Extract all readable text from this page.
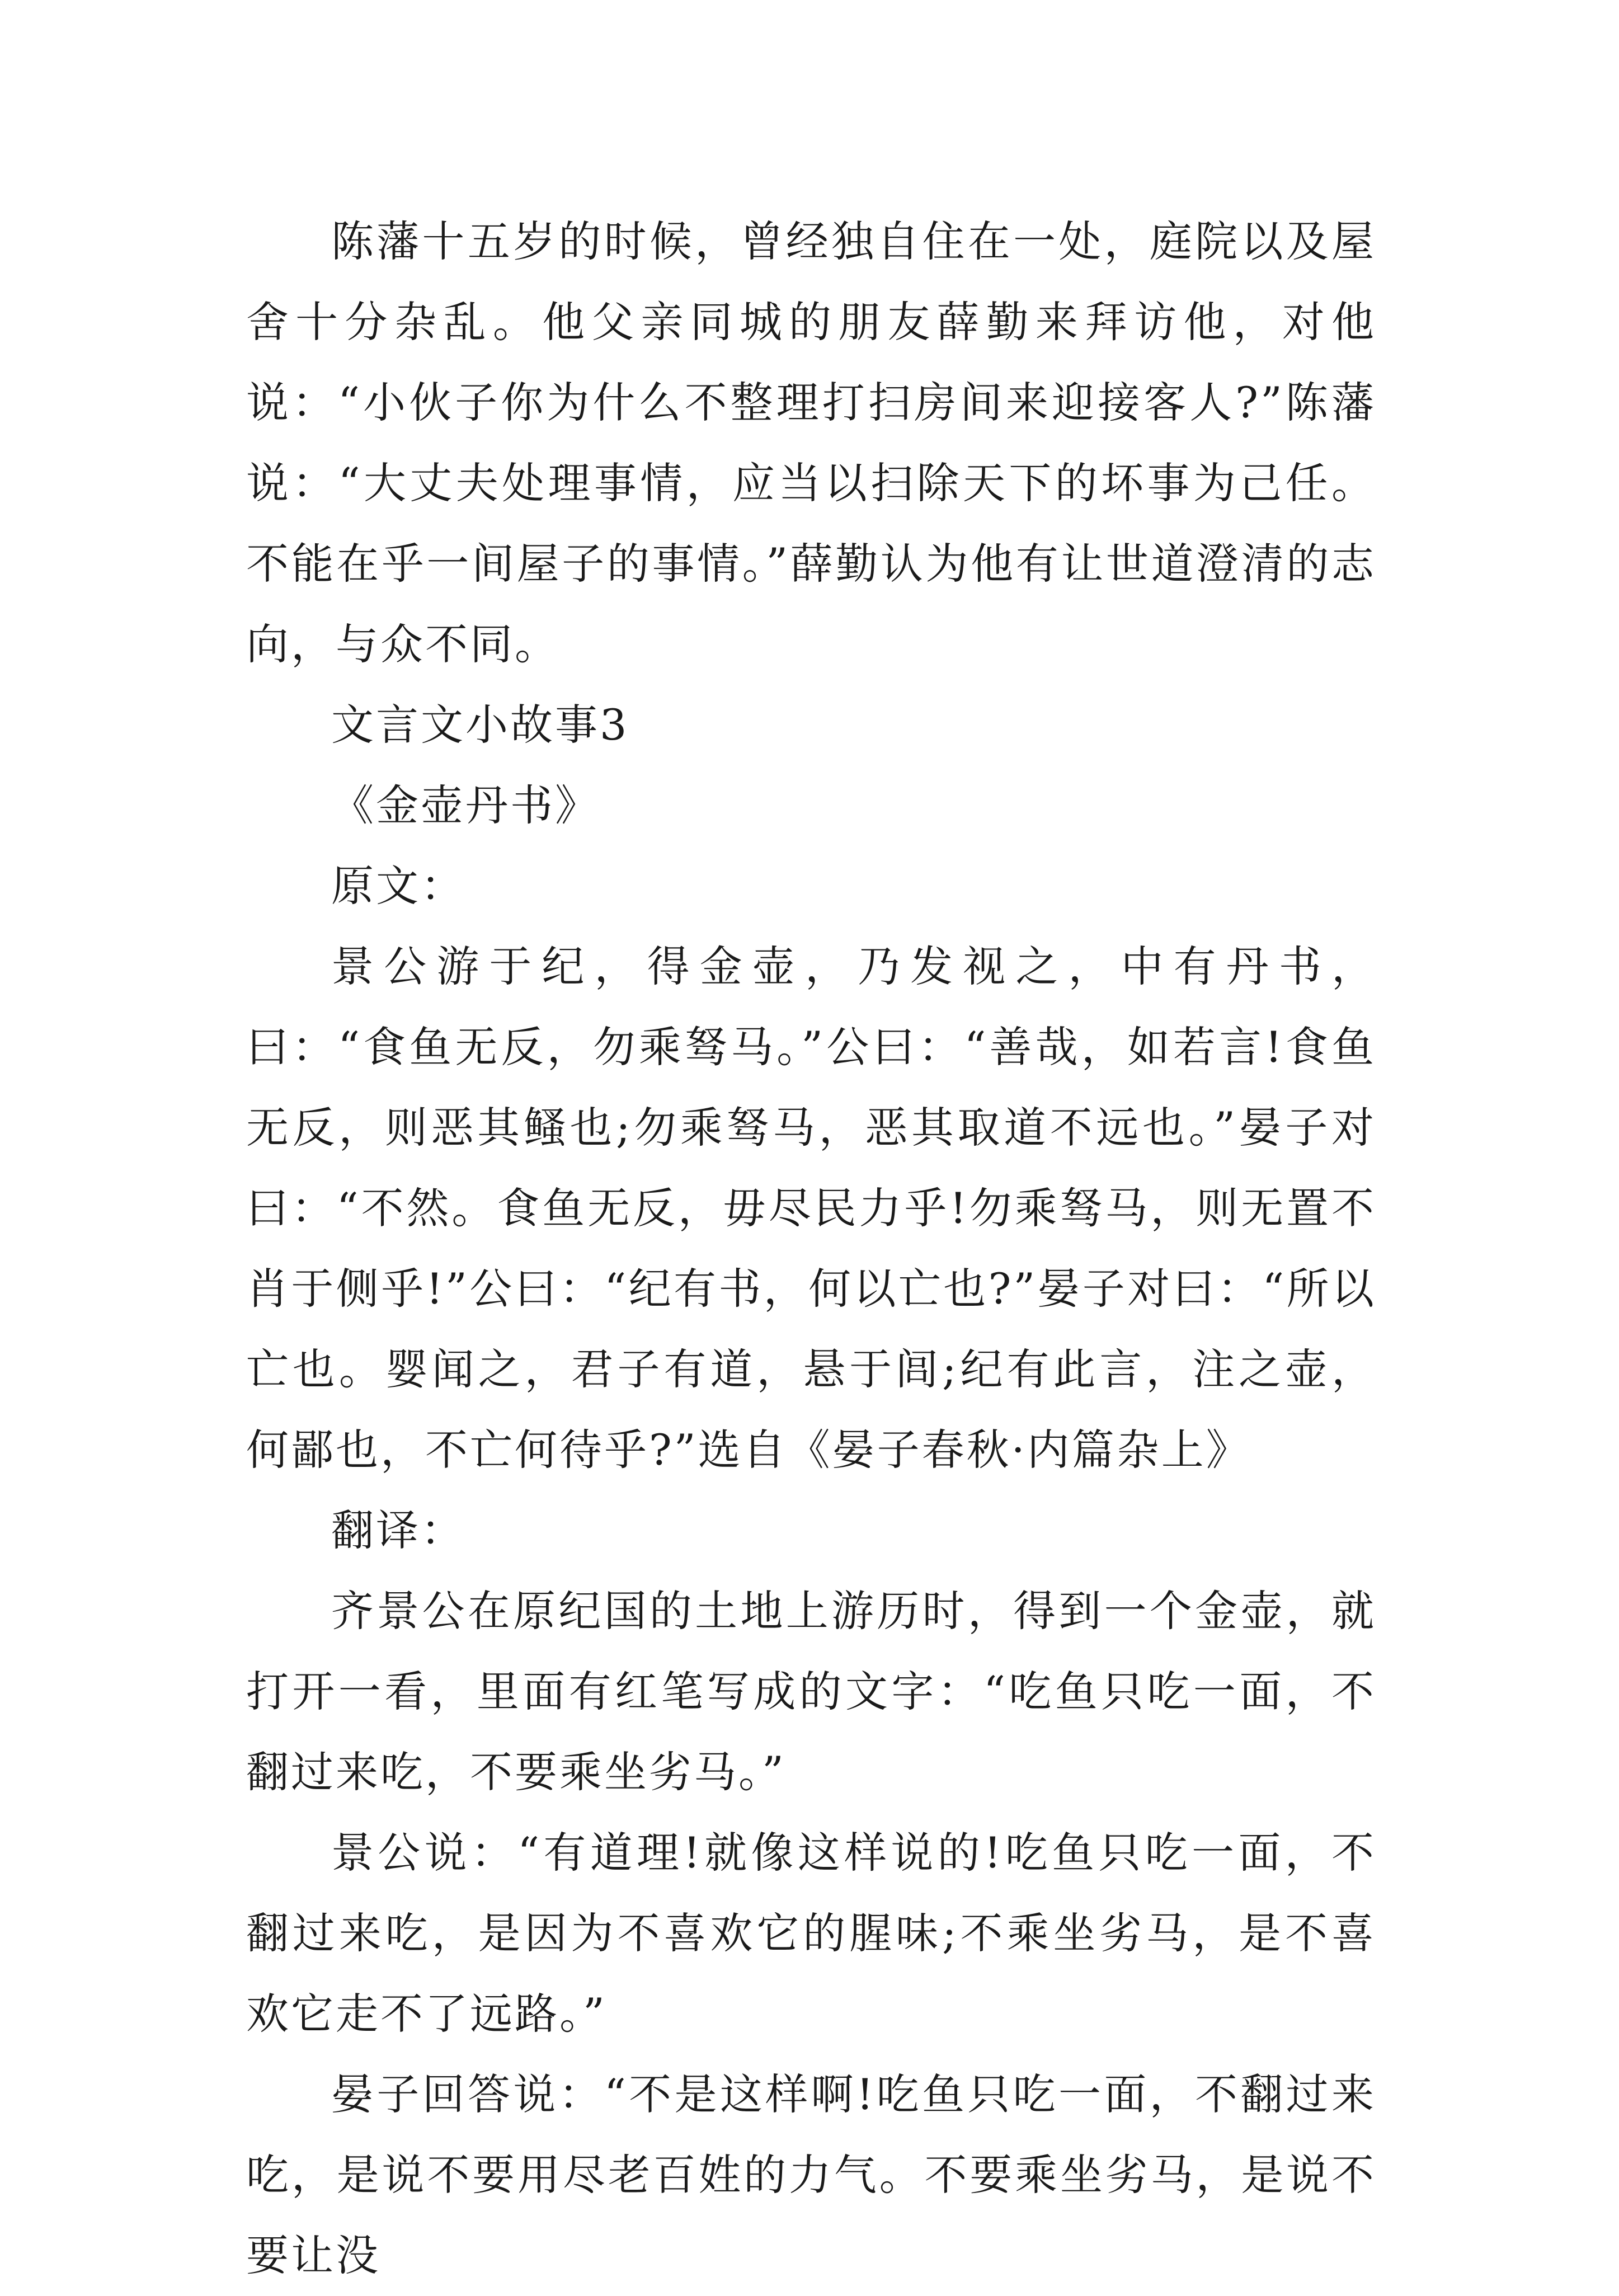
陈藩十五岁的时候，曾经独自住在一处，庭院以及屋舍十分杂乱。他父亲同城的朋友薛勤来拜访他，对他说：“小伙子你为什么不整理打扫房间来迎接客人?”陈藩说：“大丈夫处理事情，应当以扫除天下的坏事为己任。不能在乎一间屋子的事情。”薛勤认为他有让世道澄清的志向，与众不同。

文言文小故事3

《金壶丹书》

原文：

景公游于纪，得金壶，乃发视之，中有丹书，曰：“食鱼无反，勿乘驽马。”公曰：“善哉，如若言!食鱼无反，则恶其鳋也;勿乘驽马，恶其取道不远也。”晏子对曰：“不然。食鱼无反，毋尽民力乎!勿乘驽马，则无置不肖于侧乎!”公曰：“纪有书，何以亡也?”晏子对曰：“所以亡也。婴闻之，君子有道，悬于闾;纪有此言，注之壶，何鄙也，不亡何待乎?”选自《晏子春秋·内篇杂上》

翻译：

齐景公在原纪国的土地上游历时，得到一个金壶，就打开一看，里面有红笔写成的文字：“吃鱼只吃一面，不翻过来吃，不要乘坐劣马。”

景公说：“有道理!就像这样说的!吃鱼只吃一面，不翻过来吃，是因为不喜欢它的腥味;不乘坐劣马，是不喜欢它走不了远路。”

晏子回答说：“不是这样啊!吃鱼只吃一面，不翻过来吃，是说不要用尽老百姓的力气。不要乘坐劣马，是说不要让没
